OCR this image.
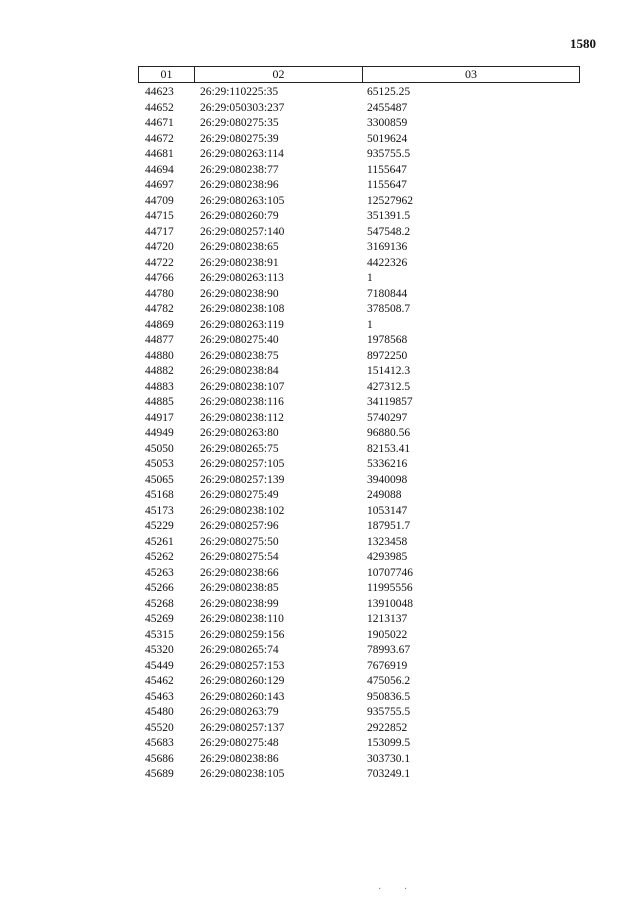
1580
01	02	03
44623 26:29:110225:35	65125.25
44652 26:29:050303:237	2455487
44671 26:29:080275:35	3300859
44672 26:29:080275:39	5019624
44681 26:29:080263:114	935755.5
44694 26:29:080238:77	1155647
44697 26:29:080238:96	1155647
44709 26:29:080263:105	12527962
44715 26:29:080260:79	351391.5
44717 26:29:080257:140	547548.2
44720 26:29:080238:65	3169136
44722 26:29:080238:91	4422326
44766 26:29:080263:113	1
44780 26:29:080238:90	7180844
44782 26:29:080238:108	378508.7
44869 26:29:080263:119	1
44877 26:29:080275:40	1978568
44880 26:29:080238:75	8972250
44882 26:29:080238:84	151412.3
44883 26:29:080238:107	427312.5
44885 26:29:080238:116	34119857
44917 26:29:080238:112	5740297
44949 26:29:080263:80	96880.56
45050 26:29:080265:75	82153.41
45053 26:29:080257:105	5336216
45065 26:29:080257:139	3940098
45168 26:29:080275:49	249088
45173 26:29:080238:102	1053147
45229 26:29:080257:96	187951.7
45261 26:29:080275:50	1323458
45262 26:29:080275:54	4293985
45263 26:29:080238:66	10707746
45266 26:29:080238:85	11995556
45268 26:29:080238:99	13910048
45269 26:29:080238:110	1213137
45315 26:29:080259:156	1905022
45320 26:29:080265:74	78993.67
45449 26:29:080257:153	7676919
45462 26:29:080260:129	475056.2
45463 26:29:080260:143	950836.5
45480 26:29:080263:79	935755.5
45520 26:29:080257:137	2922852
45683 26:29:080275:48	153099.5
45686 26:29:080238:86	303730.1
45689 26:29:080238:105	703249.1
· ·
